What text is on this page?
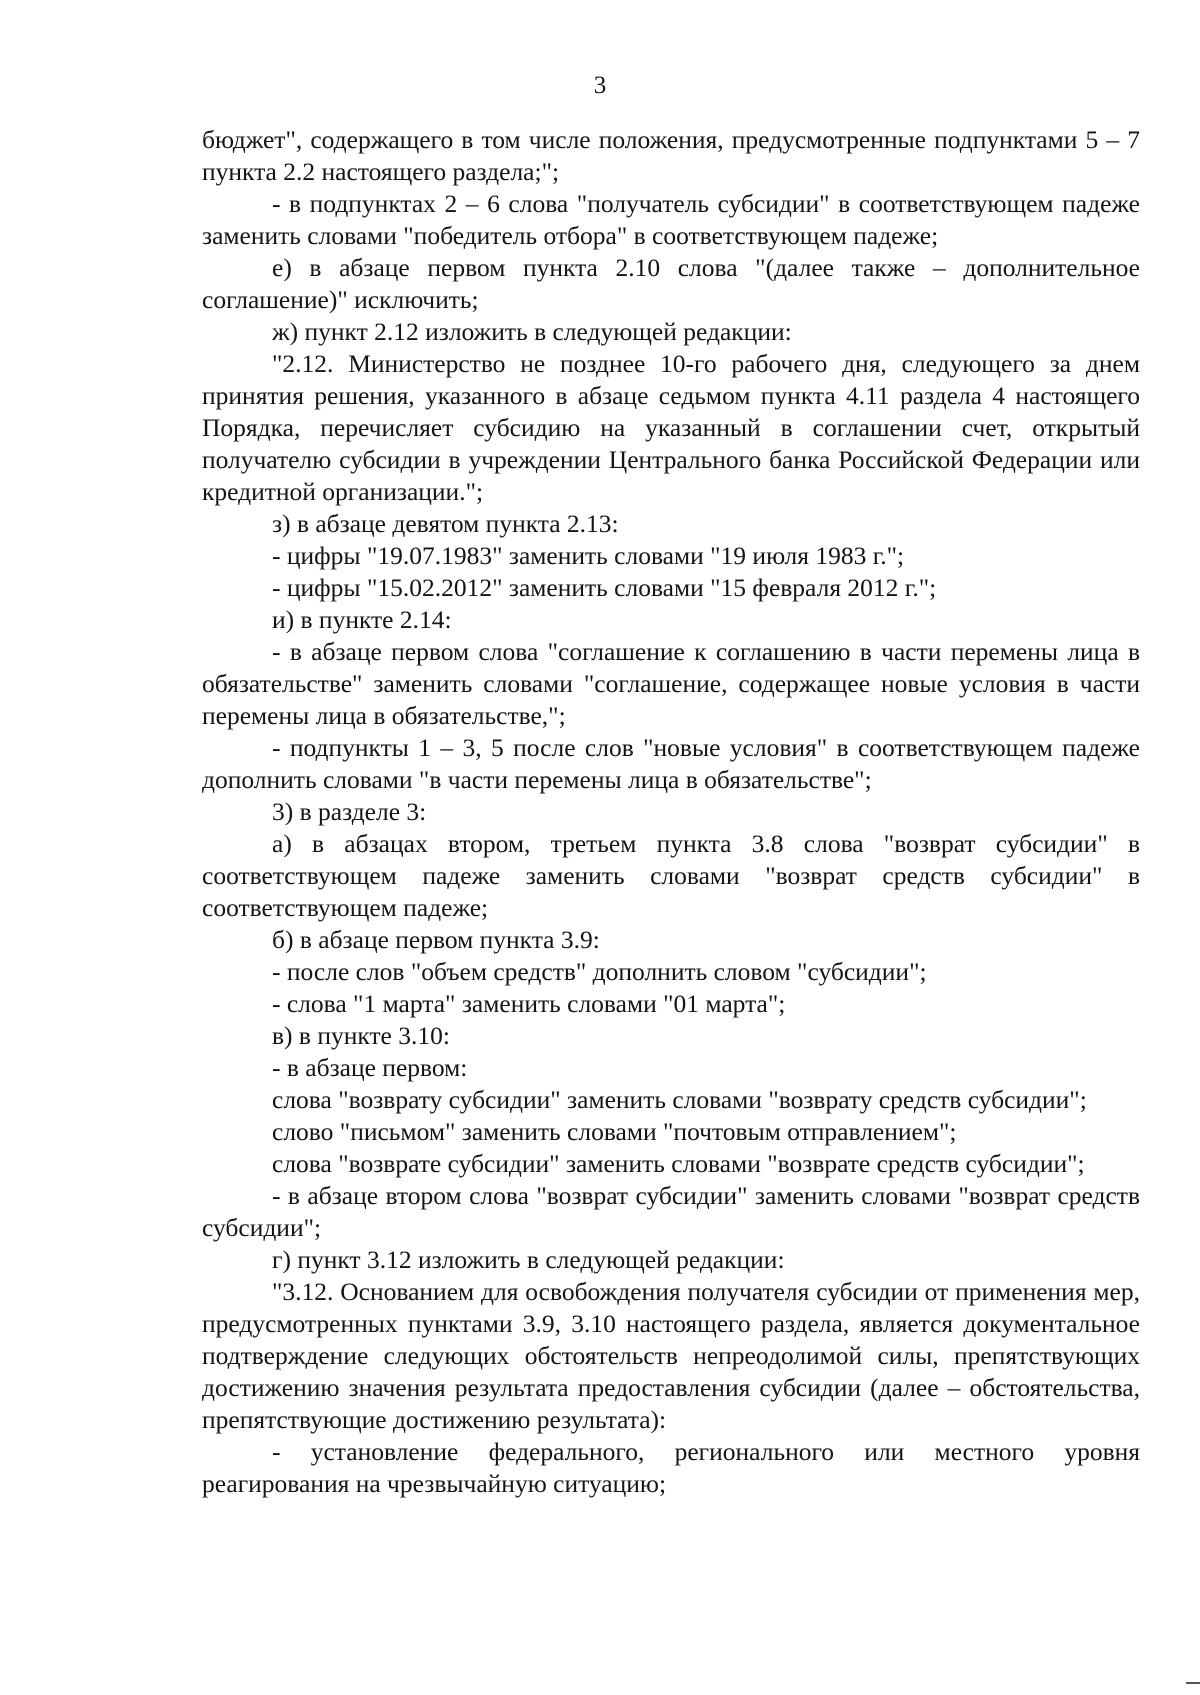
3

бюджет", содержащего в том числе положения, предусмотренные подпунктами 5 – 7 пункта 2.2 настоящего раздела;";

- в подпунктах 2 – 6 слова "получатель субсидии" в соответствующем падеже заменить словами "победитель отбора" в соответствующем падеже;

е) в абзаце первом пункта 2.10 слова "(далее также – дополнительное соглашение)" исключить;

ж) пункт 2.12 изложить в следующей редакции:

"2.12. Министерство не позднее 10-го рабочего дня, следующего за днем принятия решения, указанного в абзаце седьмом пункта 4.11 раздела 4 настоящего Порядка, перечисляет субсидию на указанный в соглашении счет, открытый получателю субсидии в учреждении Центрального банка Российской Федерации или кредитной организации.";

з) в абзаце девятом пункта 2.13:

- цифры "19.07.1983" заменить словами "19 июля 1983 г.";

- цифры "15.02.2012" заменить словами "15 февраля 2012 г.";

и) в пункте 2.14:

- в абзаце первом слова "соглашение к соглашению в части перемены лица в обязательстве" заменить словами "соглашение, содержащее новые условия в части перемены лица в обязательстве,";

- подпункты 1 – 3, 5 после слов "новые условия" в соответствующем падеже дополнить словами "в части перемены лица в обязательстве";

3) в разделе 3:

а) в абзацах втором, третьем пункта 3.8 слова "возврат субсидии" в соответствующем падеже заменить словами "возврат средств субсидии" в соответствующем падеже;

б) в абзаце первом пункта 3.9:

- после слов "объем средств" дополнить словом "субсидии";

- слова "1 марта" заменить словами "01 марта";

в) в пункте 3.10:

- в абзаце первом:

слова "возврату субсидии" заменить словами "возврату средств субсидии";

слово "письмом" заменить словами "почтовым отправлением";

слова "возврате субсидии" заменить словами "возврате средств субсидии";

- в абзаце втором слова "возврат субсидии" заменить словами "возврат средств субсидии";

г) пункт 3.12 изложить в следующей редакции:

"3.12. Основанием для освобождения получателя субсидии от применения мер, предусмотренных пунктами 3.9, 3.10 настоящего раздела, является документальное подтверждение следующих обстоятельств непреодолимой силы, препятствующих достижению значения результата предоставления субсидии (далее – обстоятельства, препятствующие достижению результата):

- установление федерального, регионального или местного уровня реагирования на чрезвычайную ситуацию;
